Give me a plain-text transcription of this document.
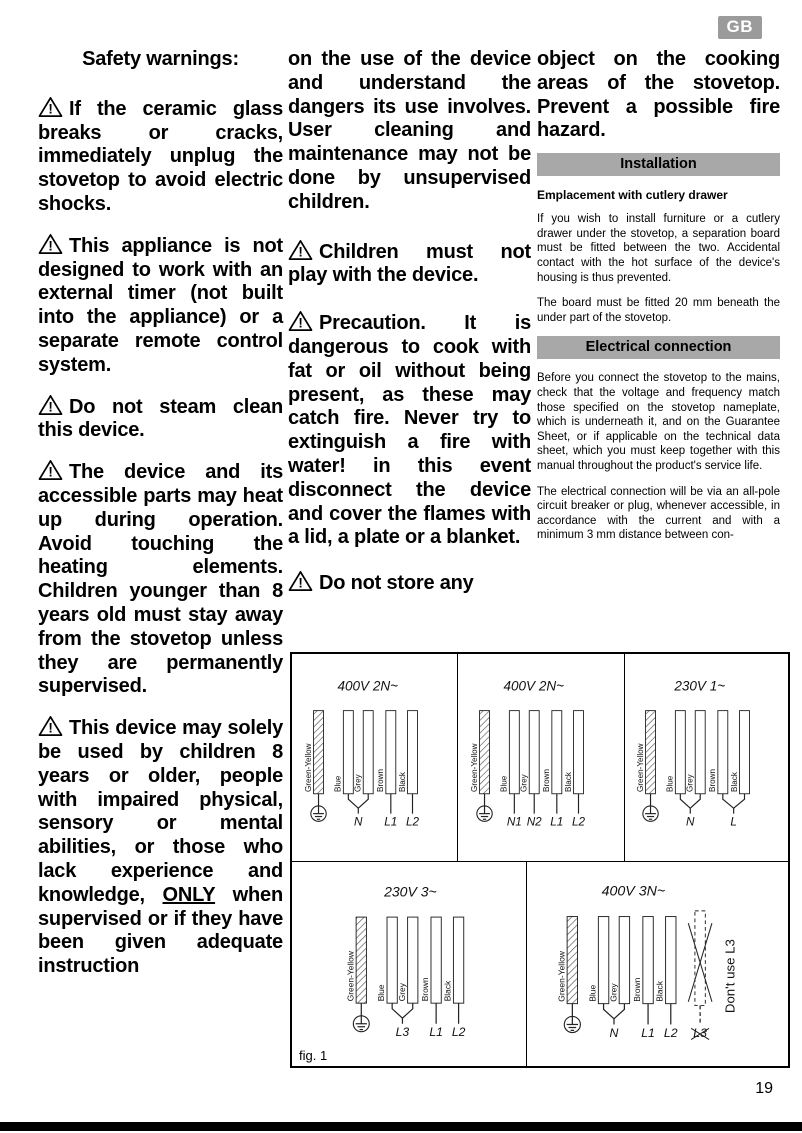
GB
Safety warnings:

! If the ceramic glass breaks or cracks, immediately unplug the stovetop to avoid electric shocks.

! This appliance is not designed to work with an external timer (not built into the appliance) or a separate remote control system.

! Do not steam clean this device.

! The device and its accessible parts may heat up during operation. Avoid touching the heating elements. Children younger than 8 years old must stay away from the stovetop unless they are permanently supervised.

! This device may solely be used by children 8 years or older, people with impaired physical, sensory or mental abilities, or those who lack experience and knowledge, ONLY when supervised or if they have been given adequate instruction

on the use of the device and understand the dangers its use involves. User cleaning and maintenance may not be done by unsupervised children.

! Children must not play with the device.

! Precaution. It is dangerous to cook with fat or oil without being present, as these may catch fire. Never try to extinguish a fire with water! in this event disconnect the device and cover the flames with a lid, a plate or a blanket.

! Do not store any

object on the cooking areas of the stovetop. Prevent a possible fire hazard.

Installation
Emplacement with cutlery drawer

If you wish to install furniture or a cutlery drawer under the stovetop, a separation board must be fitted between the two. Accidental contact with the hot surface of the device's housing is thus prevented.

The board must be fitted 20 mm beneath the under part of the stovetop.

Electrical connection

Before you connect the stovetop to the mains, check that the voltage and frequency match those specified on the stovetop nameplate, which is underneath it, and on the Guarantee Sheet, or if applicable on the technical data sheet, which you must keep together with this manual throughout the product's service life.

The electrical connection will be via an all-pole circuit breaker or plug, whenever accessible, in accordance with the current and with a minimum 3 mm distance between con-

400V 2N~
Green-Yellow Blue Grey
N
Brown
L1
Black
L2
400V 2N~
Green-Yellow Blue
N1
Grey
N2
Brown
L1
Black
L2
230V 1~
Green-Yellow Blue Grey
N
Brown Black
L
230V 3~
Green-Yellow Blue Grey
L3
Brown
L1
Black
L2
400V 3N~
Green-Yellow Blue Grey
N
Brown
L1
Black
L2 L3
Don't use L3
fig. 1
19
